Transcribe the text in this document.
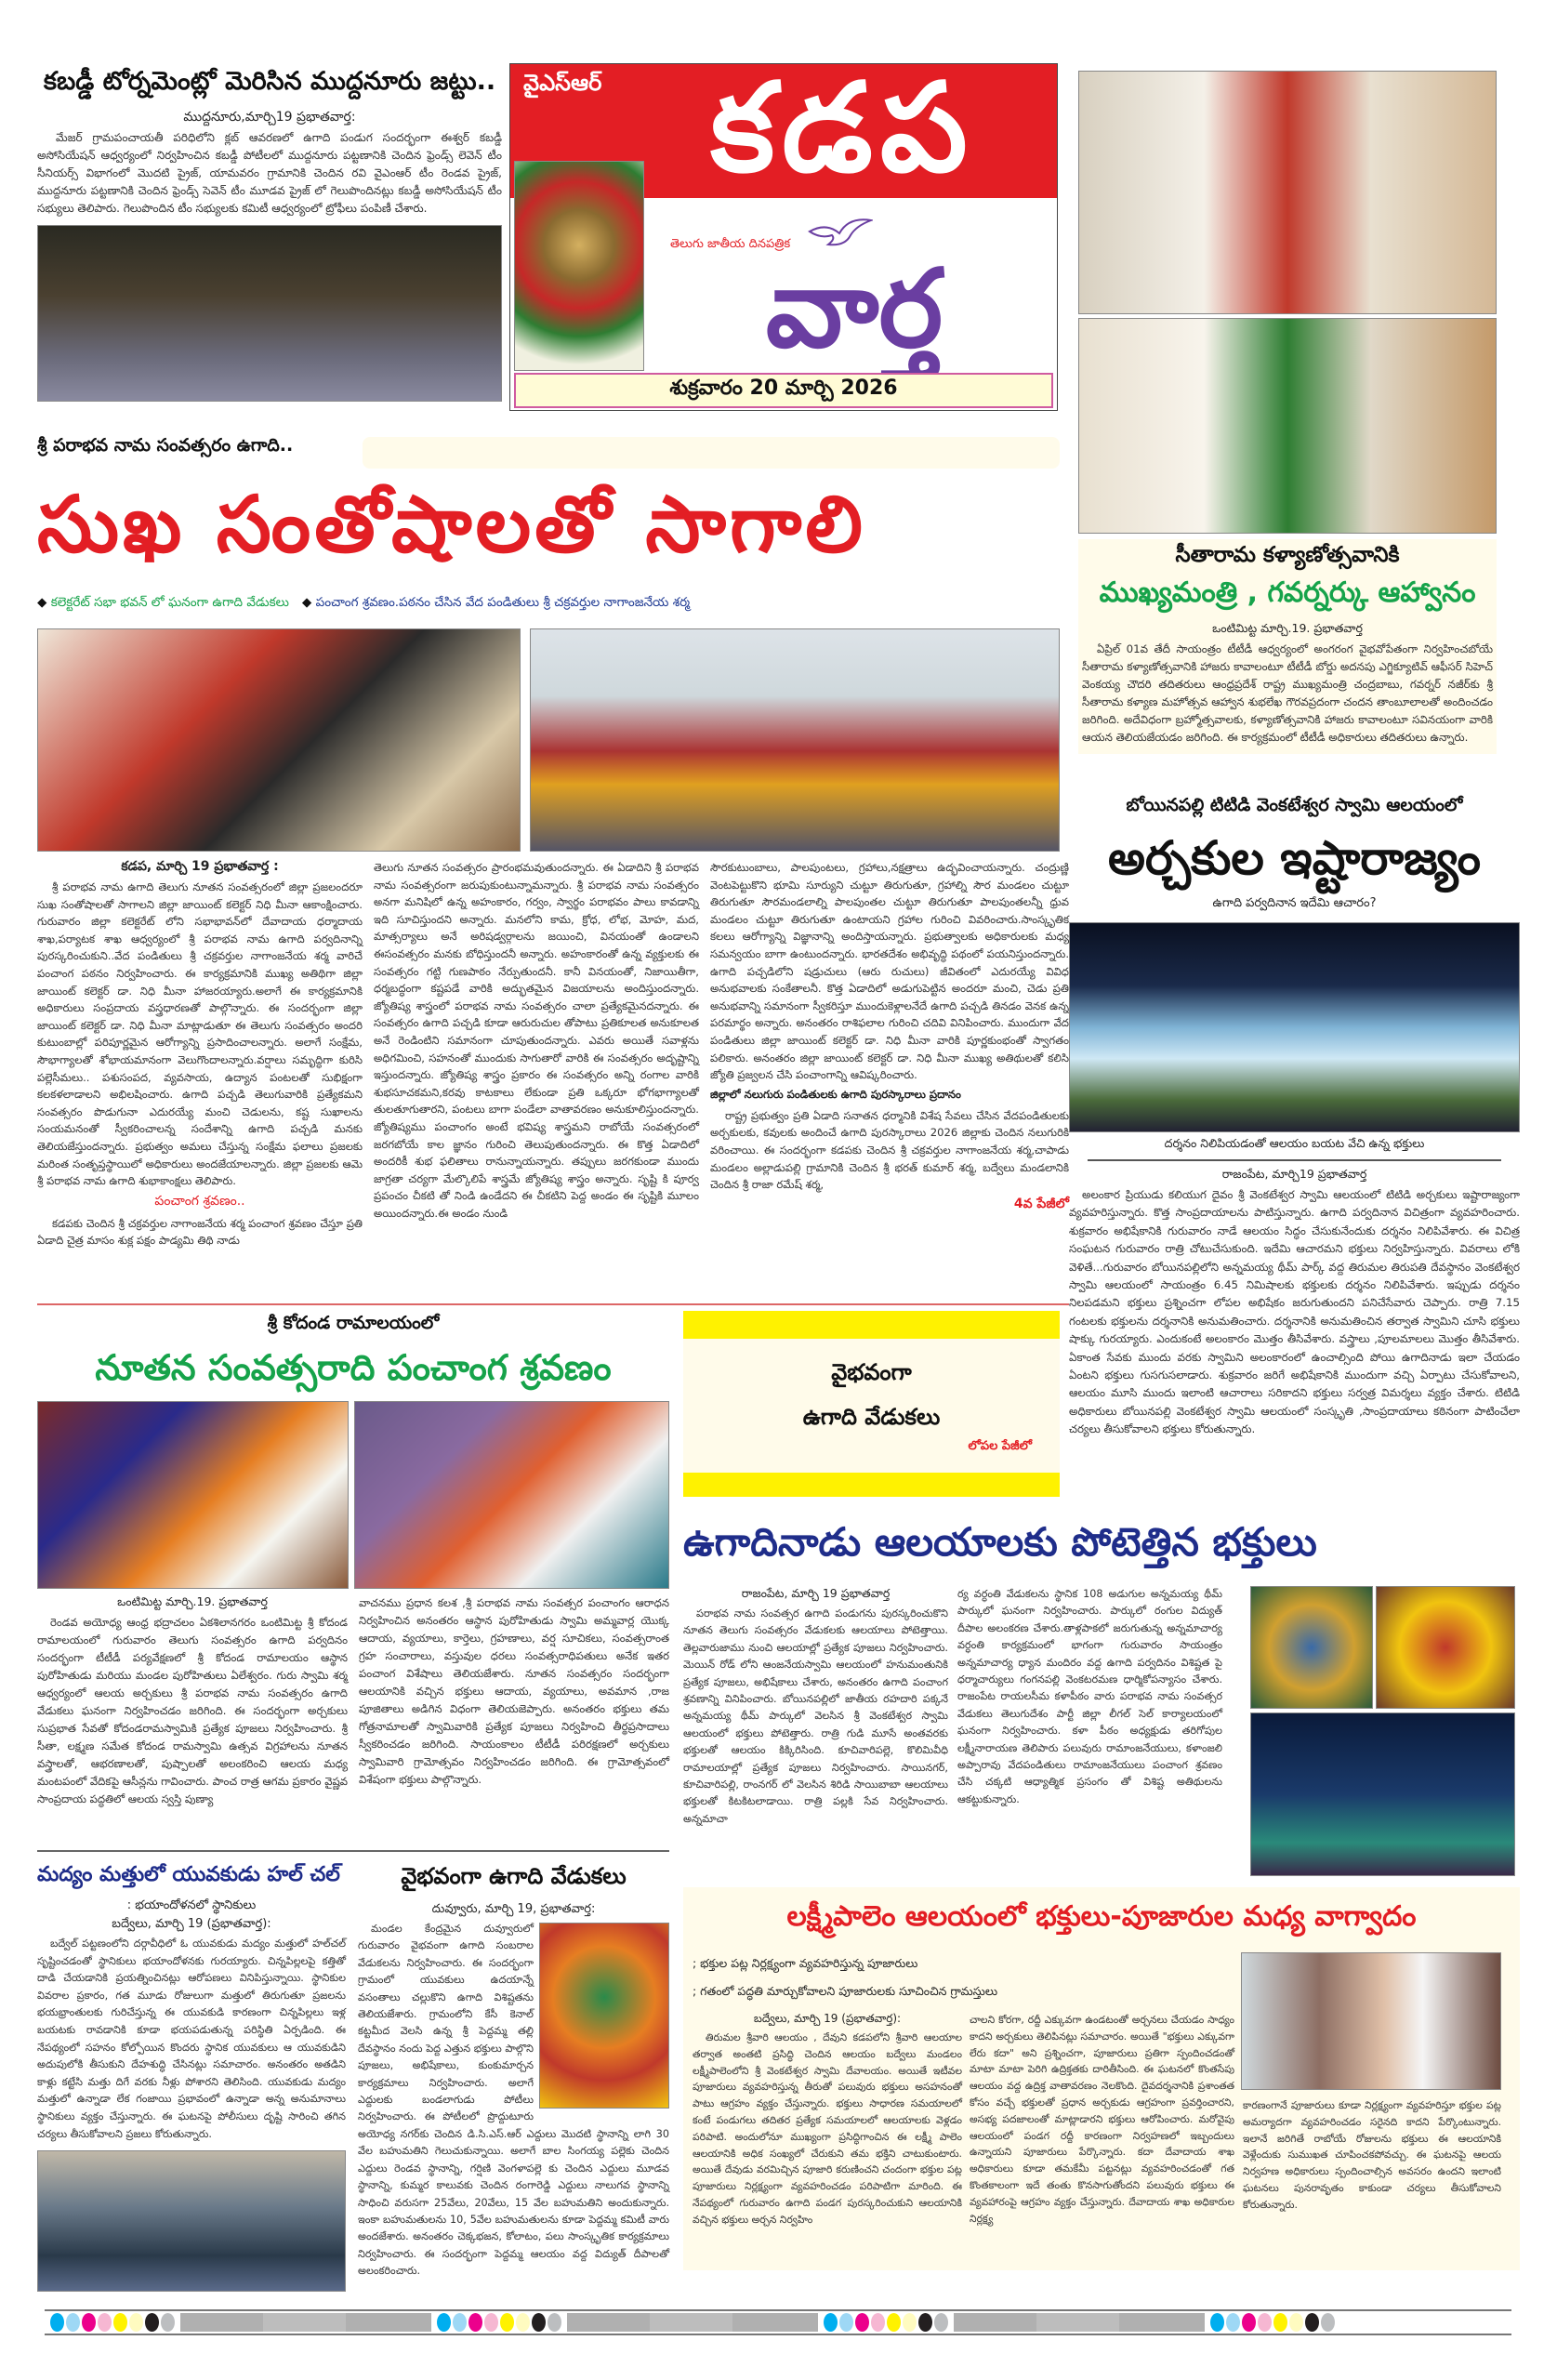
కబడ్డీ టోర్నమెంట్లో మెరిసిన ముద్దనూరు జట్టు..
ముద్దనూరు,మార్చి19 ప్రభాతవార్త:
మేజర్ గ్రామపంచాయతీ పరిధిలోని క్లబ్ ఆవరణలో ఉగాది పండుగ సందర్భంగా ఈశ్వర్ కబడ్డీ అసోసియేషన్ ఆధ్వర్యంలో నిర్వహించిన కబడ్డీ పోటీలలో ముద్దనూరు పట్టణానికి చెందిన ఫ్రెండ్స్ లెవెన్ టీం సీనియర్స్ విభాగంలో మొదటి ప్రైజ్, యామవరం గ్రామానికి చెందిన రవి వైఎంఆర్ టీం రెండవ ప్రైజ్, ముద్దనూరు పట్టణానికి చెందిన ఫ్రెండ్స్ సెవెన్ టీం మూడవ ప్రైజ్ లో గెలుపొందినట్లు కబడ్డీ అసోసియేషన్ టీం సభ్యులు తెలిపారు. గెలుపొందిన టీం సభ్యులకు కమిటీ ఆధ్వర్యంలో ట్రోఫీలు పంపిణీ చేశారు.
వైఎస్ఆర్ కడప
తెలుగు జాతీయ దినపత్రిక
వార్త
శుక్రవారం 20 మార్చి 2026
సీతారామ కళ్యాణోత్సవానికి
ముఖ్యమంత్రి , గవర్నర్కు ఆహ్వానం
ఒంటిమిట్ట మార్చి.19. ప్రభాతవార్త
ఏప్రిల్ 01వ తేదీ సాయంత్రం టీటీడీ ఆధ్వర్యంలో అంగరంగ వైభవోపేతంగా నిర్వహించబోయే సీతారామ కళ్యాణోత్సవానికి హాజరు కావాలంటూ టీటీడీ బోర్డు అదనపు ఎగ్జిక్యూటివ్ ఆఫీసర్ సిహెచ్ వెంకయ్య చౌదరి తదితరులు ఆంధ్రప్రదేశ్ రాష్ట్ర ముఖ్యమంత్రి చంద్రబాబు, గవర్నర్ నజీర్‌కు శ్రీ సీతారామ కళ్యాణ మహోత్సవ ఆహ్వాన శుభలేఖ గౌరవప్రదంగా చందన తాంబూలాలతో అందించడం జరిగింది. అదేవిధంగా బ్రహ్మోత్సవాలకు, కళ్యాణోత్సవానికి హాజరు కావాలంటూ సవినయంగా వారికి ఆయన తెలియజేయడం జరిగింది. ఈ కార్యక్రమంలో టీటీడీ అధికారులు తదితరులు ఉన్నారు.
శ్రీ పరాభవ నామ సంవత్సరం ఉగాది..
సుఖ సంతోషాలతో సాగాలి
◆ కలెక్టరేట్ సభా భవన్ లో ఘనంగా ఉగాది వేడుకలు ◆ పంచాంగ శ్రవణం.పఠనం చేసిన వేద పండితులు శ్రీ చక్రవర్తుల నాగాంజనేయ శర్మ
కడప, మార్చి 19 ప్రభాతవార్త :
శ్రీ పరాభవ నామ ఉగాది తెలుగు నూతన సంవత్సరంలో జిల్లా ప్రజలందరూ సుఖ సంతోషాలతో సాగాలని జిల్లా జాయింట్ కలెక్టర్ నిధి మీనా ఆకాంక్షించారు. గురువారం జిల్లా కలెక్టరేట్ లోని సభాభావన్‌లో దేవాదాయ ధర్మాదాయ శాఖ,పర్యాటక శాఖ ఆధ్వర్యంలో శ్రీ పరాభవ నామ ఉగాది పర్వదినాన్ని పురస్కరించుకుని..వేద పండితులు శ్రీ చక్రవర్తుల నాగాంజనేయ శర్మ వారిచే పంచాంగ పఠనం నిర్వహించారు. ఈ కార్యక్రమానికి ముఖ్య అతిథిగా జిల్లా జాయింట్ కలెక్టర్ డా. నిధి మీనా హాజరయ్యారు.అలాగే ఈ కార్యక్రమానికి అధికారులు సంప్రదాయ వస్త్రధారణతో పాల్గొన్నారు. ఈ సందర్భంగా జిల్లా జాయింట్ కలెక్టర్ డా. నిధి మీనా మాట్లాడుతూ ఈ తెలుగు సంవత్సరం అందరి కుటుంబాల్లో పరిపూర్ణమైన ఆరోగ్యాన్ని ప్రసాదించాలన్నారు. అలాగే సంక్షేమ, సౌభాగ్యాలతో శోభాయమానంగా వెలుగొందాలన్నారు.వర్షాలు సమృద్ధిగా కురిసి పల్లెసీమలు.. పశుసంపద, వ్యవసాయ, ఉద్యాన పంటలతో సుభిక్షంగా కలకళలాడాలని అభిలషించారు. ఉగాది పచ్చడి తెలుగువారికి ప్రత్యేకమని సంవత్సరం పొడుగునా ఎదురయ్యే మంచి చెడులను, కష్ట సుఖాలను సంయమనంతో స్వీకరించాలన్న సందేశాన్ని ఉగాది పచ్చడి మనకు తెలియజేస్తుందన్నారు. ప్రభుత్వం అమలు చేస్తున్న సంక్షేమ ఫలాలు ప్రజలకు మరింత సంతృప్తస్థాయిలో అధికారులు అందజేయాలన్నారు. జిల్లా ప్రజలకు ఆమె శ్రీ పరాభవ నామ ఉగాది శుభాకాంక్షలు తెలిపారు.
పంచాంగ శ్రవణం..
కడపకు చెందిన శ్రీ చక్రవర్తుల నాగాంజనేయ శర్మ పంచాంగ శ్రవణం చేస్తూ ప్రతి ఏడాది చైత్ర మాసం శుక్ల పక్షం పాడ్యమి తిథి నాడు
తెలుగు నూతన సంవత్సరం ప్రారంభమవుతుందన్నారు. ఈ ఏడాదిని శ్రీ పరాభవ నామ సంవత్సరంగా జరుపుకుంటున్నామన్నారు. శ్రీ పరాభవ నామ సంవత్సరం అనగా మనిషిలో ఉన్న అహంకారం, గర్వం, స్వార్థం పరాభవం పాలు కావడాన్ని ఇది సూచిస్తుందని అన్నారు. మనలోని కామ, క్రోధ, లోభ, మోహ, మద, మాత్సర్యాలు అనే అరిషడ్వర్గాలను జయించి, వినయంతో ఉండాలని ఈసంవత్సరం మనకు బోధిస్తుందనీ అన్నారు. అహంకారంతో ఉన్న వ్యక్తులకు ఈ సంవత్సరం గట్టి గుణపాఠం నేర్పుతుందనీ. కానీ వినయంతో, నిజాయితీగా, ధర్మబద్ధంగా కష్టపడే వారికి అద్భుతమైన విజయాలను అందిస్తుందన్నారు. జ్యోతిష్య శాస్త్రంలో పరాభవ నామ సంవత్సరం చాలా ప్రత్యేకమైనదన్నారు. ఈ సంవత్సరం ఉగాది పచ్చడి కూడా ఆరురుచుల తోపాటు ప్రతికూలత అనుకూలత అనే రెండింటిని సమానంగా చూపుతుందన్నారు. ఎవరు అయితే సవాళ్లను అధిగమించి, సహనంతో ముందుకు సాగుతారో వారికి ఈ సంవత్సరం అదృష్టాన్ని ఇస్తుందన్నారు. జ్యోతిష్య శాస్త్రం ప్రకారం ఈ సంవత్సరం అన్ని రంగాల వారికి శుభసూచకమని,కరవు కాటకాలు లేకుండా ప్రతి ఒక్కరూ భోగభాగ్యాలతో తులతూగుతారని, పంటలు బాగా పండేలా వాతావరణం అనుకూలిస్తుందన్నారు. జ్యోతిష్యము పంచాంగం అంటే భవిష్య శాస్త్రమని రాబోయే సంవత్సరంలో జరగబోయే కాల జ్ఞానం గురించి తెలుపుతుందన్నారు. ఈ కొత్త ఏడాదిలో అందరికీ శుభ ఫలితాలు రానున్నాయన్నారు. తప్పులు జరగకుండా ముందు జాగ్రతా చర్యగా మేల్కొలిపే శాస్త్రమే జ్యోతిష్య శాస్త్రం అన్నారు. సృష్టి కి పూర్వ ప్రపంచం చీకటి తో నిండి ఉండేదని ఈ చీకటిని పెద్ద అండం ఈ సృష్టికి మూలం అయిందన్నారు.ఈ అండం నుండి
సౌరకుటుంబాలు, పాలపుంటలు, గ్రహాలు,నక్షత్రాలు ఉద్భవించాయన్నారు. చంద్రుణ్ణి వెంటపెట్టుకొని భూమి సూర్యుని చుట్టూ తిరుగుతూ, గ్రహాల్ని సౌర మండలం చుట్టూ తిరుగుతూ సౌరమండలాల్ని పాలపుంతల చుట్టూ తిరుగుతూ పాలపుంతలన్నీ ధ్రువ మండలం చుట్టూ తిరుగుతూ ఉంటాయని గ్రహాల గురించి వివరించారు.సాంస్కృతిక కలలు ఆరోగ్యాన్ని విజ్ఞానాన్ని అందిస్తాయన్నారు. ప్రభుత్వాలకు అధికారులకు మధ్య సమన్వయం బాగా ఉంటుందన్నారు. భారతదేశం అభివృద్ధి పథంలో పయనిస్తుందన్నారు. ఉగాది పచ్చడిలోని షడ్రుచులు (ఆరు రుచులు) జీవితంలో ఎదురయ్యే వివిధ అనుభవాలకు సంకేతాలనీ. కొత్త ఏడాదిలో అడుగుపెట్టిన అందరూ మంచి, చెడు ప్రతి అనుభవాన్ని సమానంగా స్వీకరిస్తూ ముందుకెళ్లాలనేదే ఉగాది పచ్చడి తినడం వెనక ఉన్న పరమార్థం అన్నారు. అనంతరం రాశిఫలాల గురించి చదివి వినిపించారు. ముందుగా వేద పండితులు జిల్లా జాయింట్ కలెక్టర్ డా. నిధి మీనా వారికి పూర్ణకుంభంతో స్వాగతం పలికారు. అనంతరం జిల్లా జాయింట్ కలెక్టర్ డా. నిధి మీనా ముఖ్య అతిథులతో కలిసి జ్యోతి ప్రజ్వలన చేసి పంచాంగాన్ని ఆవిష్కరించారు.
జిల్లాలో నలుగురు పండితులకు ఉగాది పురస్కారాలు ప్రదానం
రాష్ట్ర ప్రభుత్వం ప్రతి ఏడాది సనాతన ధర్మానికి విశేష సేవలు చేసిన వేదపండితులకు అర్చకులకు, కవులకు అందించే ఉగాది పురస్కారాలు 2026 జిల్లాకు చెందిన నలుగురికి వరించాయి. ఈ సందర్భంగా కడపకు చెందిన శ్రీ చక్రవర్తుల నాగాంజనేయ శర్మ,చాపాడు మండలం అల్లాడుపల్లి గ్రామానికి చెందిన శ్రీ భరత్ కుమార్ శర్మ, బద్వేలు మండలానికి చెందిన శ్రీ రాజా రమేష్ శర్మ,
4వ పేజీలో
బోయినపల్లి టిటిడి వెంకటేశ్వర స్వామి ఆలయంలో
అర్చకుల ఇష్టారాజ్యం
ఉగాది పర్వదినాన ఇదేమి ఆచారం?
దర్శనం నిలిపియడంతో ఆలయం బయట వేచి ఉన్న భక్తులు
రాజంపేట, మార్చి19 ప్రభాతవార్త
అలంకార ప్రియుడు కలియుగ దైవం శ్రీ వెంకటేశ్వర స్వామి ఆలయంలో టిటిడి అర్చకులు ఇష్టారాజ్యంగా వ్యవహరిస్తున్నారు. కొత్త సాంప్రదాయాలను పాటిస్తున్నారు. ఉగాది పర్వదినాన విచిత్రంగా వ్యవహరించారు. శుక్రవారం అభిషేకానికి గురువారం నాడే ఆలయం సిద్ధం చేసుకునేందుకు దర్శనం నిలిపివేశారు. ఈ విచిత్ర సంఘటన గురువారం రాత్రి చోటుచేసుకుంది. ఇదేమి ఆచారమని భక్తులు నిర్వహిస్తున్నారు. వివరాలు లోకి వెళితే...గురువారం బోయినపల్లిలోని అన్నమయ్య థీమ్ పార్క్ వద్ద తిరుమల తిరుపతి దేవస్థానం వెంకటేశ్వర స్వామి ఆలయంలో సాయంత్రం 6.45 నిమిషాలకు భక్తులకు దర్శనం నిలిపివేశారు. ఇప్పుడు దర్శనం నిలపడమని భక్తులు ప్రశ్నించగా లోపల అభిషేకం జరుగుతుందని పనిచేసేవారు చెప్పారు. రాత్రి 7.15 గంటలకు భక్తులను దర్శనానికి అనుమతించారు. దర్శనానికి అనుమతించిన తర్వాత స్వామిని చూసి భక్తులు షాక్కు గురయ్యారు. ఎందుకంటే అలంకారం మొత్తం తీసివేశారు. వస్త్రాలు ,పూలమాలలు మొత్తం తీసివేశారు. ఏకాంత సేవకు ముందు వరకు స్వామిని అలంకారంలో ఉంచాల్సింది పోయి ఉగాదినాడు ఇలా చేయడం ఏంటని భక్తులు గుసగుసలాడారు. శుక్రవారం జరిగే అభిషేకానికి ముందుగా వచ్చి ఏర్పాటు చేసుకోవాలని, ఆలయం మూసి ముందు ఇలాంటి ఆచారాలు సరికాదని భక్తులు సర్వత్ర విమర్శలు వ్యక్తం చేశారు. టిటిడి అధికారులు బోయినపల్లి వెంకటేశ్వర స్వామి ఆలయంలో సంస్కృతి ,సాంప్రదాయాలు కఠినంగా పాటించేలా చర్యలు తీసుకోవాలని భక్తులు కోరుతున్నారు.
శ్రీ కోదండ రామాలయంలో
నూతన సంవత్సరాది పంచాంగ శ్రవణం
ఒంటిమిట్ట మార్చి.19. ప్రభాతవార్త
రెండవ అయోధ్య ఆంధ్ర భద్రాచలం ఏకశిలానగరం ఒంటిమిట్ట శ్రీ కోదండ రామాలయంలో గురువారం తెలుగు సంవత్సరం ఉగాది పర్వదినం సందర్భంగా టీటీడీ పర్యవేక్షణలో శ్రీ కోదండ రామాలయం ఆస్థాన పురోహితుడు మరియు మండల పురోహితులు ఏలేశ్వరం. గురు స్వామి శర్మ ఆధ్వర్యంలో ఆలయ అర్చకులు శ్రీ పరాభవ నామ సంవత్సరం ఉగాది వేడుకలు ఘనంగా నిర్వహించడం జరిగింది. ఈ సందర్భంగా అర్చకులు సుప్రభాత సేవతో కోదండరామస్వామికి ప్రత్యేక పూజలు నిర్వహించారు. శ్రీ సీతా, లక్ష్మణ సమేత కోదండ రామస్వామి ఉత్సవ విగ్రహాలను నూతన వస్త్రాలతో, ఆభరణాలతో, పుష్పాలతో అలంకరించి ఆలయ మధ్య మంటపంలో వేదికపై ఆసీన్లను గావించారు. పాంచ రాత్ర ఆగమ ప్రకారం వైష్ణవ సాంప్రదాయ పద్ధతిలో ఆలయ స్వస్తి పుణ్యా
వాచనము ప్రధాన కలశ ,శ్రీ పరాభవ నామ సంవత్సర పంచాంగం ఆరాధన నిర్వహించిన అనంతరం ఆస్థాన పురోహితుడు స్వామి అమ్మవార్ల యొక్క ఆదాయ, వ్యయాలు, కార్తెలు, గ్రహణాలు, వర్ష సూచికలు, సంవత్సరాంత గ్రహ సంచారాలు, వస్తువుల ధరలు సంవత్సరాధిపతులు అనేక ఇతర పంచాంగ విశేషాలు తెలియజేశారు. నూతన సంవత్సరం సందర్భంగా ఆలయానికి వచ్చిన భక్తులు ఆదాయ, వ్యయాలు, అవమాన ,రాజ పూజితాలు అడిగిన విధంగా తెలియజెప్పారు. అనంతరం భక్తులు తమ గోత్రనామాలతో స్వామివారికి ప్రత్యేక పూజలు నిర్వహించి తీర్థప్రసాదాలు స్వీకరించడం జరిగింది. సాయంకాలం టీటీడీ పరిరక్షణలో అర్చకులు స్వామివారి గ్రామోత్సవం నిర్వహించడం జరిగింది. ఈ గ్రామోత్సవంలో విశేషంగా భక్తులు పాల్గొన్నారు.
వైభవంగా
ఉగాది వేడుకలు
లోపల పేజీలో
ఉగాదినాడు ఆలయాలకు పోటెత్తిన భక్తులు
రాజంపేట, మార్చి 19 ప్రభాతవార్త
పరాభవ నామ సంవత్సర ఉగాది పండుగను పురస్కరించుకొని నూతన తెలుగు సంవత్సరం వేడుకలకు ఆలయాలు పోటెత్తాయి. తెల్లవారుజాము నుంచి ఆలయాల్లో ప్రత్యేక పూజలు నిర్వహించారు. మెయిన్ రోడ్ లోని ఆంజనేయస్వామి ఆలయంలో హనుమంతునికి ప్రత్యేక పూజలు, అభిషేకాలు చేశారు, అనంతరం ఉగాది పంచాంగ శ్రవణాన్ని వినిపించారు. బోయినపల్లిలో జాతీయ రహదారి పక్కనే అన్నమయ్య థీమ్ పార్కులో వెలసిన శ్రీ వెంకటేశ్వర స్వామి ఆలయంలో భక్తులు పోటెత్తారు. రాత్రి గుడి మూసే అంతవరకు భక్తులతో ఆలయం కిక్కిరిసింది. కూచివారిపల్లె, కొలిమివీధి రామాలయాల్లో ప్రత్యేక పూజలు నిర్వహించారు. సాయినగర్, కూచివారిపల్లి, రాంనగర్ లో వెలసిన శిరిడి సాయిబాబా ఆలయాలు భక్తులతో కిటకిటలాడాయి. రాత్రి పల్లకి సేవ నిర్వహించారు. అన్నమాచా
ర్య వర్ధంతి వేడుకలను స్థానిక 108 అడుగుల అన్నమయ్య థీమ్ పార్కులో ఘనంగా నిర్వహించారు. పార్కులో రంగుల విద్యుత్ దీపాల అలంకరణ చేశారు.తాళ్లపాకలో జరుగుతున్న అన్నమాచార్య వర్ధంతి కార్యక్రమంలో భాగంగా గురువారం సాయంత్రం అన్నమాచార్య ధ్యాన మందిరం వద్ద ఉగాది పర్వదినం విశిష్టత పై ధర్మాచార్యులు గంగనపల్లి వెంకటరమణ ధార్మికోపన్యాసం చేశారు. రాజంపేట రాయలసీమ కళాపీఠం వారు పరాభవ నామ సంవత్సర వేడుకలు తెలుగుదేశం పార్టీ జిల్లా లీగల్ సెల్ కార్యాలయంలో ఘనంగా నిర్వహించారు. కళా పీఠం అధ్యక్షుడు తరిగోపుల లక్ష్మీనారాయణ తెలిపారు పలువురు రామాంజనేయులు, కళాంజలి అప్పారావు వేదపండితులు రామాంజనేయులు పంచాంగ శ్రవణం చేసి చక్కటి ఆధ్యాత్మిక ప్రసంగం తో విశిష్ట అతిథులను ఆకట్టుకున్నారు.
మద్యం మత్తులో యువకుడు హల్ చల్
: భయాందోళనలో స్థానికులు
బద్వేలు, మార్చి 19 (ప్రభాతవార్త):
బద్వేల్ పట్టణంలోని దర్గావీధిలో ఓ యువకుడు మద్యం మత్తులో హల్‌చల్ సృష్టించడంతో స్థానికులు భయాందోళనకు గురయ్యారు. చిన్నపిల్లలపై కత్తితో దాడి చేయడానికి ప్రయత్నించినట్లు ఆరోపణలు వినిపిస్తున్నాయి. స్థానికుల వివరాల ప్రకారం, గత మూడు రోజులుగా మత్తులో తిరుగుతూ ప్రజలను భయభ్రాంతులకు గురిచేస్తున్న ఈ యువకుడి కారణంగా చిన్నపిల్లలు ఇళ్ల బయటకు రావడానికి కూడా భయపడుతున్న పరిస్థితి ఏర్పడింది. ఈ నేపథ్యంలో సహనం కోల్పోయిన కొందరు స్థానిక యువకులు ఆ యువకుడిని అదుపులోకి తీసుకుని దేహశుద్ధి చేసినట్లు సమాచారం. అనంతరం అతడిని కాళ్లు కట్టేసి మత్తు దిగే వరకు నీళ్లు పోశారని తెలిసింది. యువకుడు మద్యం మత్తులో ఉన్నాడా లేక గంజాయి ప్రభావంలో ఉన్నాడా అన్న అనుమానాలు స్థానికులు వ్యక్తం చేస్తున్నారు. ఈ ఘటనపై పోలీసులు దృష్టి సారించి తగిన చర్యలు తీసుకోవాలని ప్రజలు కోరుతున్నారు.
వైభవంగా ఉగాది వేడుకలు
దువ్వూరు, మార్చి 19, ప్రభాతవార్త:
మండల కేంద్రమైన దువ్వూరులో గురువారం వైభవంగా ఉగాది సంబరాల వేడుకలను నిర్వహించారు. ఈ సందర్భంగా గ్రామంలో యువకులు ఉదయాన్నే వసంతాలు చల్లుకొని ఉగాది విశిష్టతను తెలియజేశారు. గ్రామంలోని కేసీ కెనాల్ కట్టమీద వెలసి ఉన్న శ్రీ పెద్దమ్మ తల్లి దేవస్థానం నందు పెద్ద ఎత్తున భక్తులు పాల్గొని పూజలు, అభిషేకాలు, కుంకుమార్చన కార్యక్రమాలు నిర్వహించారు. అలాగే ఎద్దులకు బండలాగుడు పోటీలు నిర్వహించారు. ఈ పోటీలలో ప్రొద్దుటూరు అయోధ్య నగర్‌కు చెందిన డి.సి.ఎస్.ఆర్ ఎద్దులు మొదటి స్థానాన్ని లాగి 30 వేల బహుమతిని గెలుచుకున్నాయి. అలాగే బాల సింగయ్య పల్లెకు చెందిన ఎద్దులు రెండవ స్థానాన్ని, గర్షిణి వెంగళాపల్లె కు చెందిన ఎద్దులు మూడవ స్థానాన్ని, కుమ్మర కాలువకు చెందిన రంగారెడ్డి ఎద్దులు నాలుగవ స్థానాన్ని సాధించి వరుసగా 25వేలు, 20వేలు, 15 వేల బహుమతిని అందుకున్నారు. ఇంకా బహుమతులను 10, 5వేల బహుమతులను కూడా పెద్దమ్మ కమిటీ వారు అందజేశారు. అనంతరం చెక్కభజన, కోలాటం, పలు సాంస్కృతిక కార్యక్రమాలు నిర్వహించారు. ఈ సందర్భంగా పెద్దమ్మ ఆలయం వద్ద విద్యుత్ దీపాలతో అలంకరించారు.
లక్ష్మీపాలెం ఆలయంలో భక్తులు-పూజారుల మధ్య వాగ్వాదం
; భక్తుల పట్ల నిర్లక్ష్యంగా వ్యవహరిస్తున్న పూజారులు
; గతంలో పద్ధతి మార్చుకోవాలని పూజారులకు సూచించిన గ్రామస్తులు
బద్వేలు, మార్చి 19 (ప్రభాతవార్త):
తిరుమల శ్రీవారి ఆలయం , దేవుని కడపలోని శ్రీవారి ఆలయాల తర్వాత అంతటి ప్రసిద్ధి చెందిన ఆలయం బద్వేలు మండలం లక్ష్మీపాలెంలోని శ్రీ వెంకటేశ్వర స్వామి దేవాలయం. అయితే ఇటీవల పూజారులు వ్యవహరిస్తున్న తీరుతో పలువురు భక్తులు అసహనంతో పాటు ఆగ్రహం వ్యక్తం చేస్తున్నారు. భక్తులు సాధారణ సమయాలలో కంటే పండుగలు తదితర ప్రత్యేక సమయాలలో ఆలయాలకు వెళ్లడం పరిపాటి. అందులోనూ ముఖ్యంగా ప్రసిద్ధిగాంచిన ఈ లక్ష్మీ పాలెం ఆలయానికి అధిక సంఖ్యలో చేరుకుని తమ భక్తిని చాటుకుంటారు. అయితే దేవుడు వరమిచ్చిన పూజారి కరుణించని చందంగా భక్తుల పట్ల పూజారులు నిర్లక్ష్యంగా వ్యవహరించడం పరిపాటిగా మారింది. ఈ నేపథ్యంలో గురువారం ఉగాది పండగ పురస్కరించుకుని ఆలయానికి వచ్చిన భక్తులు అర్చన నిర్వహిం
చాలని కోరగా, రద్దీ ఎక్కువగా ఉండటంతో అర్చనలు చేయడం సాధ్యం కాదని అర్చకులు తెలిపినట్లు సమాచారం. అయితే "భక్తులు ఎక్కువగా లేరు కదా" అని ప్రశ్నించగా, పూజారులు ప్రతిగా స్పందించడంతో మాటా మాటా పెరిగి ఉద్రిక్తతకు దారితీసింది. ఈ ఘటనలో కొంతసేపు ఆలయం వద్ద ఉద్రిక్త వాతావరణం నెలకొంది. దైవదర్శనానికి ప్రశాంతత కోసం వచ్చే భక్తులతో ప్రధాన అర్చకుడు ఆగ్రహంగా ప్రవర్తించారని, అసభ్య పదజాలంతో మాట్లాడారని భక్తులు ఆరోపించారు. మరోవైపు ఆలయంలో పండగ రద్దీ కారణంగా నిర్వహణలో ఇబ్బందులు ఉన్నాయని పూజారులు పేర్కొన్నారు. కదా దేవాదాయ శాఖ అధికారులు కూడా తమకేమీ పట్టనట్లు వ్యవహరించడంతో గత కొంతకాలంగా ఇదే తంతు కొనసాగుతోందని పలువురు భక్తులు ఈ వ్యవహారంపై ఆగ్రహం వ్యక్తం చేస్తున్నారు. దేవాదాయ శాఖ అధికారుల నిర్లక్ష్య
కారణంగానే పూజారులు కూడా నిర్లక్ష్యంగా వ్యవహరిస్తూ భక్తుల పట్ల అమర్యాదగా వ్యవహరించడం సరైనది కాదని పేర్కొంటున్నారు. ఇలానే జరిగితే రాబోయే రోజులను భక్తులు ఈ ఆలయానికి వెళ్లేందుకు సుముఖత చూపించకపోవచ్చు. ఈ ఘటనపై ఆలయ నిర్వహణ అధికారులు స్పందించాల్సిన అవసరం ఉందని ఇలాంటి ఘటనలు పునరావృతం కాకుండా చర్యలు తీసుకోవాలని కోరుతున్నారు.
